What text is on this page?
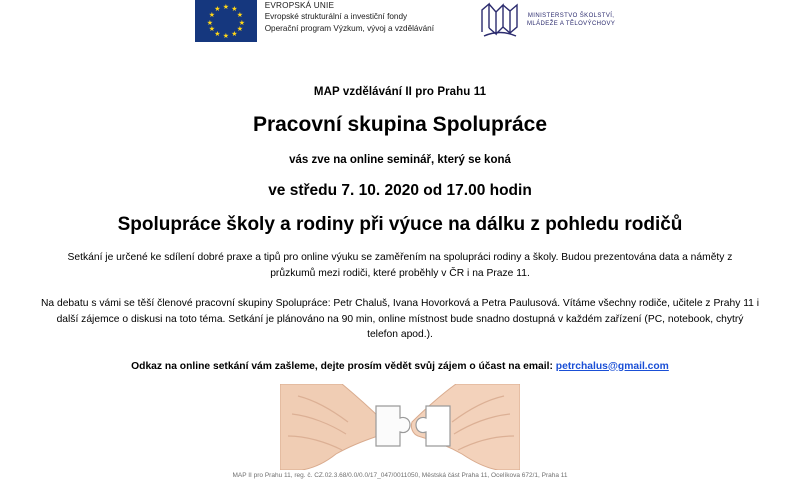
★ ★
★
★
★
★
★
★
★
★
★
★	EVROPSKÁ UNIE
Evropské strukturální a investiční fondy
Operační program Výzkum, vývoj a vzdělávání
MINISTERSTVO ŠKOLSTVÍ,
MLÁDEŽE A TĚLOVÝCHOVY
MAP vzdělávání II pro Prahu 11
Pracovní skupina Spolupráce
vás zve na online seminář, který se koná
ve středu 7. 10. 2020 od 17.00 hodin
Spolupráce školy a rodiny při výuce na dálku z pohledu rodičů
Setkání je určené ke sdílení dobré praxe a tipů pro online výuku se zaměřením na spolupráci rodiny a školy. Budou prezentována data a náměty z průzkumů mezi rodiči, které proběhly v ČR i na Praze 11.
Na debatu s vámi se těší členové pracovní skupiny Spolupráce: Petr Chaluš, Ivana Hovorková a Petra Paulusová. Vítáme všechny rodiče, učitele z Prahy 11 i další zájemce o diskusi na toto téma. Setkání je plánováno na 90 min, online místnost bude snadno dostupná v každém zařízení (PC, notebook, chytrý telefon apod.).
Odkaz na online setkání vám zašleme, dejte prosím vědět svůj zájem o účast na email: petrchalus@gmail.com
MAP II pro Prahu 11, reg. č. CZ.02.3.68/0.0/0.0/17_047/0011050, Městská část Praha 11, Ocelíkova 672/1, Praha 11
